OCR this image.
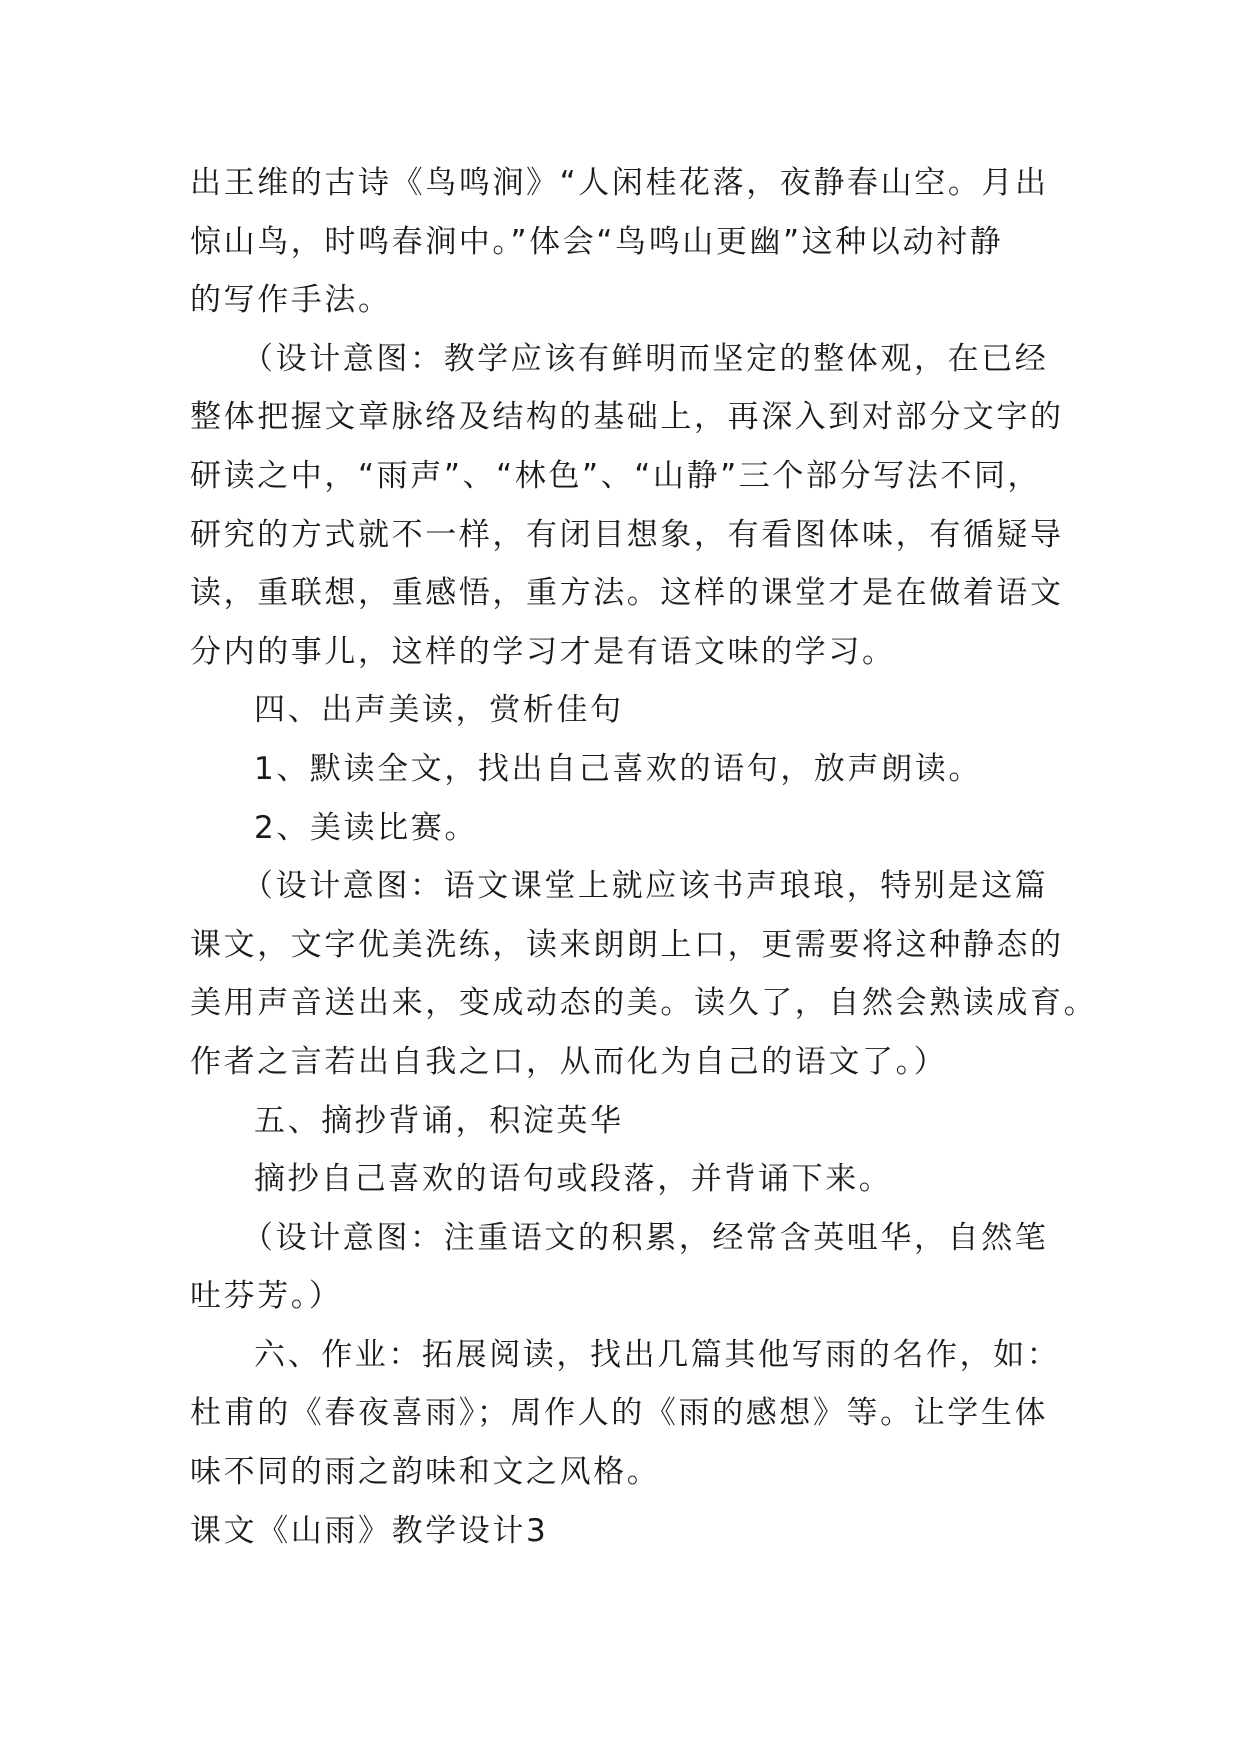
出王维的古诗《鸟鸣涧》“人闲桂花落，夜静春山空。月出
惊山鸟，时鸣春涧中。”体会“鸟鸣山更幽”这种以动衬静
的写作手法。
（设计意图：教学应该有鲜明而坚定的整体观，在已经
整体把握文章脉络及结构的基础上，再深入到对部分文字的
研读之中，“雨声”、“林色”、“山静”三个部分写法不同，
研究的方式就不一样，有闭目想象，有看图体味，有循疑导
读，重联想，重感悟，重方法。这样的课堂才是在做着语文
分内的事儿，这样的学习才是有语文味的学习。
四、出声美读，赏析佳句
1、默读全文，找出自己喜欢的语句，放声朗读。
2、美读比赛。
（设计意图：语文课堂上就应该书声琅琅，特别是这篇
课文，文字优美洗练，读来朗朗上口，更需要将这种静态的
美用声音送出来，变成动态的美。读久了，自然会熟读成育。
作者之言若出自我之口，从而化为自己的语文了。）
五、摘抄背诵，积淀英华
摘抄自己喜欢的语句或段落，并背诵下来。
（设计意图：注重语文的积累，经常含英咀华，自然笔
吐芬芳。）
六、作业：拓展阅读，找出几篇其他写雨的名作，如：
杜甫的《春夜喜雨》；周作人的《雨的感想》等。让学生体
味不同的雨之韵味和文之风格。
课文《山雨》教学设计3
